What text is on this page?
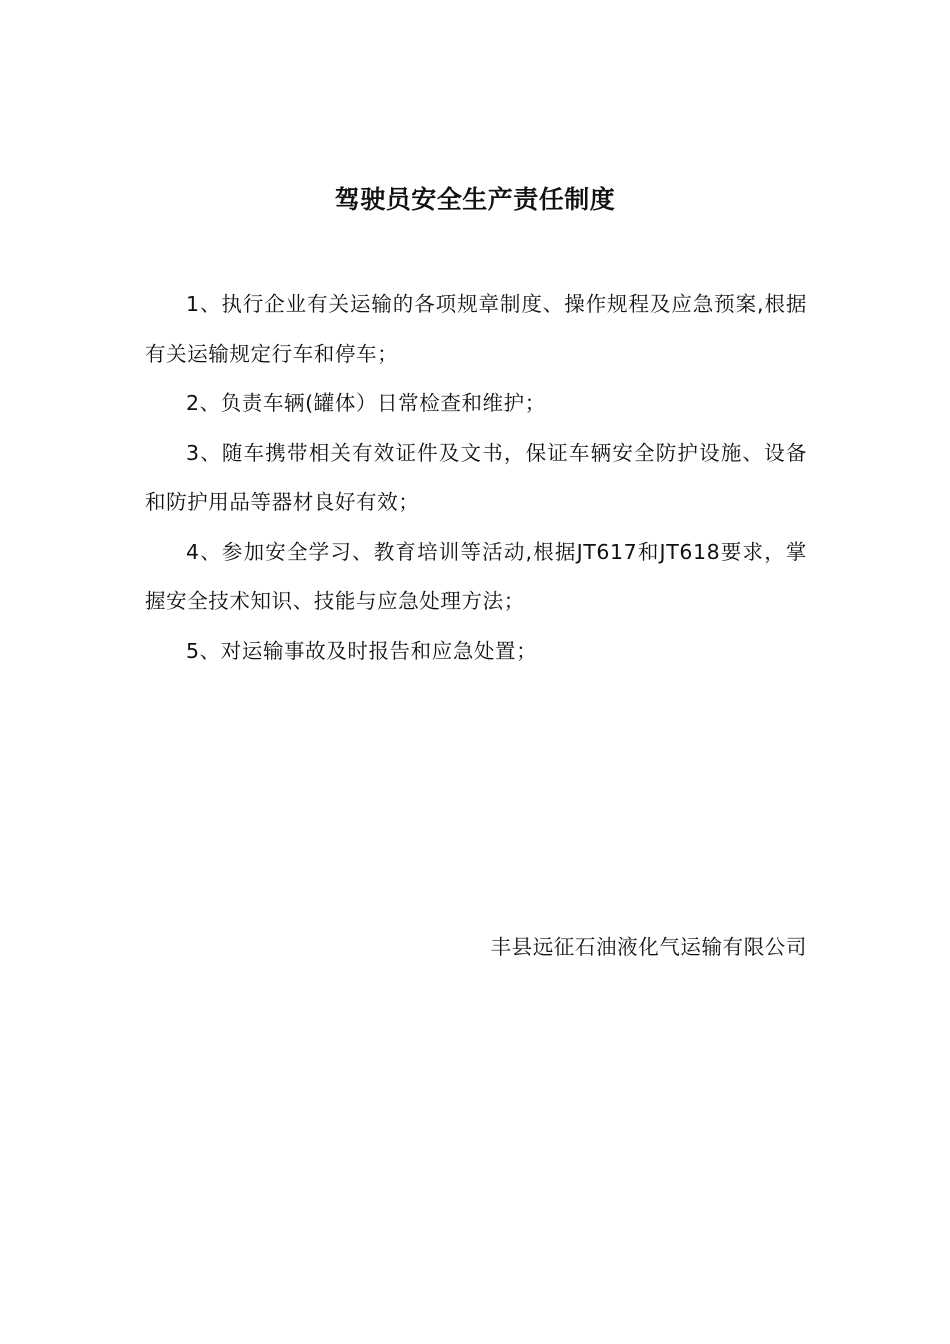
驾驶员安全生产责任制度

1、执行企业有关运输的各项规章制度、操作规程及应急预案,根据有关运输规定行车和停车；

2、负责车辆(罐体）日常检查和维护；

3、随车携带相关有效证件及文书，保证车辆安全防护设施、设备和防护用品等器材良好有效；

4、参加安全学习、教育培训等活动,根据JT617和JT618要求，掌握安全技术知识、技能与应急处理方法；

5、对运输事故及时报告和应急处置；

丰县远征石油液化气运输有限公司
